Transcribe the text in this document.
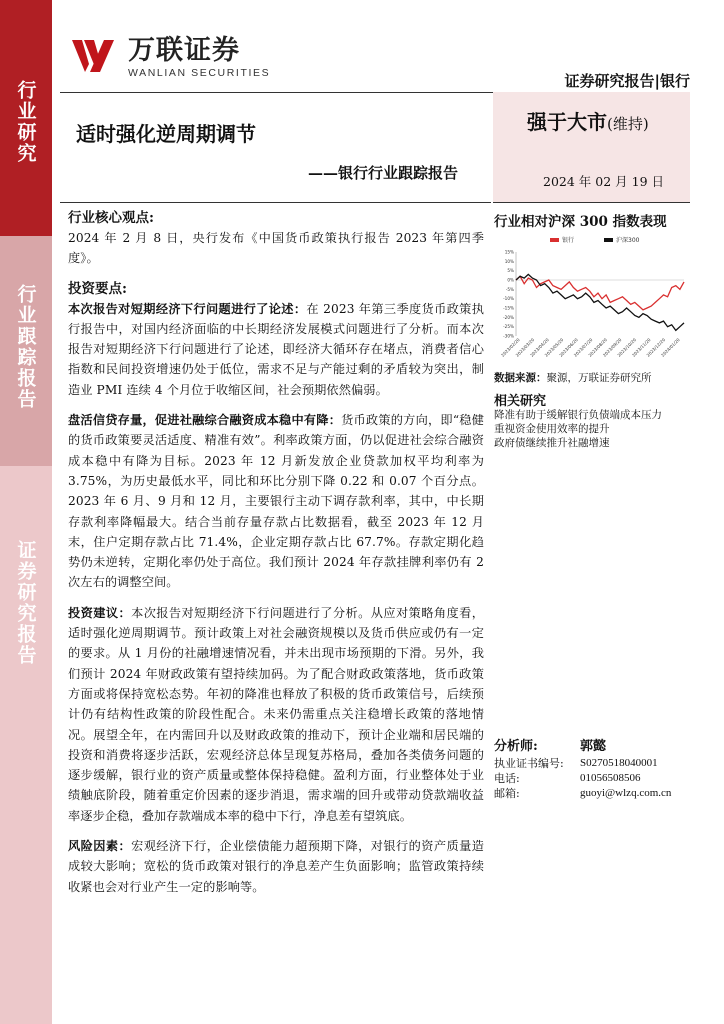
行业研究
行业跟踪报告
证券研究报告
万联证券
WANLIAN SECURITIES	证券研究报告|银行
适时强化逆周期调节
——银行行业跟踪报告
强于大市(维持)
2024 年 02 月 19 日
行业核心观点:
2024 年 2 月 8 日，央行发布《中国货币政策执行报告 2023 年第四季度》。
投资要点:
本次报告对短期经济下行问题进行了论述：在 2023 年第三季度货币政策执行报告中，对国内经济面临的中长期经济发展模式问题进行了分析。而本次报告对短期经济下行问题进行了论述，即经济大循环存在堵点，消费者信心指数和民间投资增速仍处于低位，需求不足与产能过剩的矛盾较为突出，制造业 PMI 连续 4 个月位于收缩区间，社会预期依然偏弱。
盘活信贷存量，促进社融综合融资成本稳中有降：货币政策的方向，即“稳健的货币政策要灵活适度、精准有效”。利率政策方面，仍以促进社会综合融资成本稳中有降为目标。2023 年 12 月新发放企业贷款加权平均利率为 3.75%，为历史最低水平，同比和环比分别下降 0.22 和 0.07 个百分点。2023 年 6 月、9 月和 12 月，主要银行主动下调存款利率，其中，中长期存款利率降幅最大。结合当前存量存款占比数据看，截至 2023 年 12 月末，住户定期存款占比 71.4%，企业定期存款占比 67.7%。存款定期化趋势仍未逆转，定期化率仍处于高位。我们预计 2024 年存款挂牌利率仍有 2 次左右的调整空间。
投资建议：本次报告对短期经济下行问题进行了分析。从应对策略角度看，适时强化逆周期调节。预计政策上对社会融资规模以及货币供应或仍有一定的要求。从 1 月份的社融增速情况看，并未出现市场预期的下滑。另外，我们预计 2024 年财政政策有望持续加码。为了配合财政政策落地，货币政策方面或将保持宽松态势。年初的降准也释放了积极的货币政策信号，后续预计仍有结构性政策的阶段性配合。未来仍需重点关注稳增长政策的落地情况。展望全年，在内需回升以及财政政策的推动下，预计企业端和居民端的投资和消费将逐步活跃，宏观经济总体呈现复苏格局，叠加各类债务问题的逐步缓解，银行业的资产质量或整体保持稳健。盈利方面，行业整体处于业绩触底阶段，随着重定价因素的逐步消退，需求端的回升或带动贷款端收益率逐步企稳，叠加存款端成本率的稳中下行，净息差有望筑底。
风险因素：宏观经济下行，企业偿债能力超预期下降，对银行的资产质量造成较大影响；宽松的货币政策对银行的净息差产生负面影响；监管政策持续收紧也会对行业产生一定的影响等。
行业相对沪深 300 指数表现
15%
10%
5%
0%
-5%
-10%
-15%
-20%
-25%
-30%
2023/02/20
2023/03/20
2023/04/20
2023/05/20
2023/06/20
2023/07/20
2023/08/20
2023/09/20
2023/10/20
2023/11/20
2023/12/20
2024/01/20
银行	沪深300
数据来源：聚源，万联证券研究所
相关研究
降准有助于缓解银行负债端成本压力
重视资金使用效率的提升
政府债继续推升社融增速
分析师:	郭懿
执业证书编号:	S0270518040001
电话:	01056508506
邮箱:	guoyi@wlzq.com.cn
